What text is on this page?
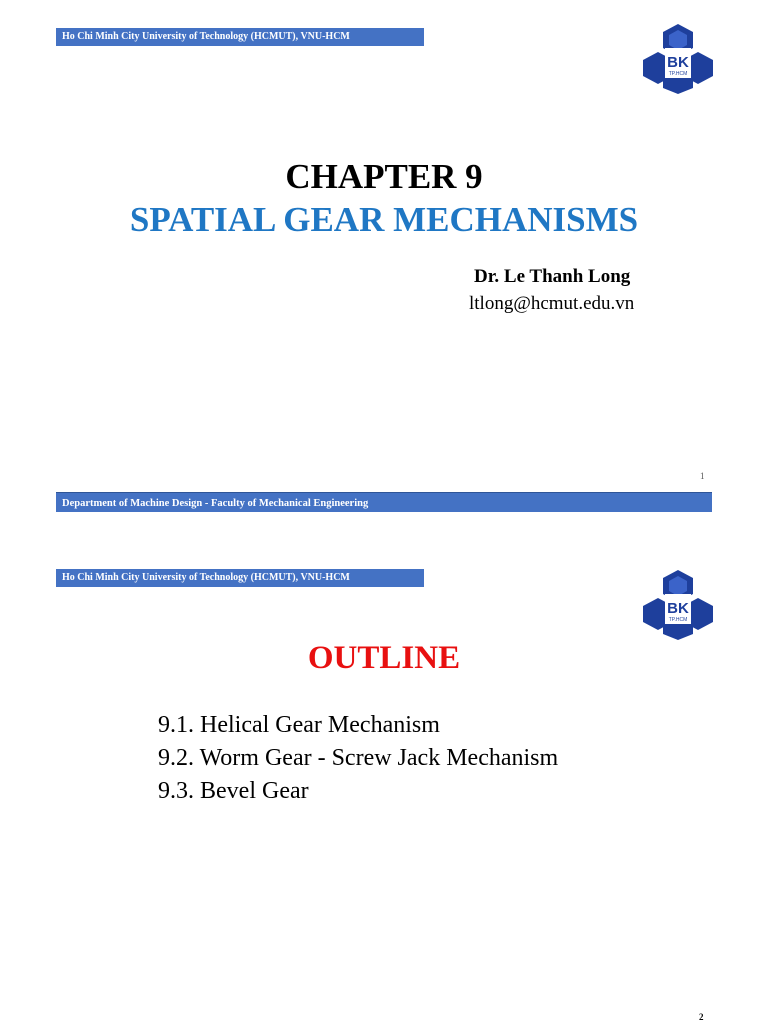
Ho Chi Minh City University of Technology (HCMUT), VNU-HCM
BK
TP.HCM
CHAPTER 9
SPATIAL GEAR MECHANISMS
Dr. Le Thanh Long
ltlong@hcmut.edu.vn
1
Department of Machine Design - Faculty of Mechanical Engineering
Ho Chi Minh City University of Technology (HCMUT), VNU-HCM
BK
TP.HCM
OUTLINE
9.1. Helical Gear Mechanism
9.2. Worm Gear - Screw Jack Mechanism
9.3. Bevel Gear
2
